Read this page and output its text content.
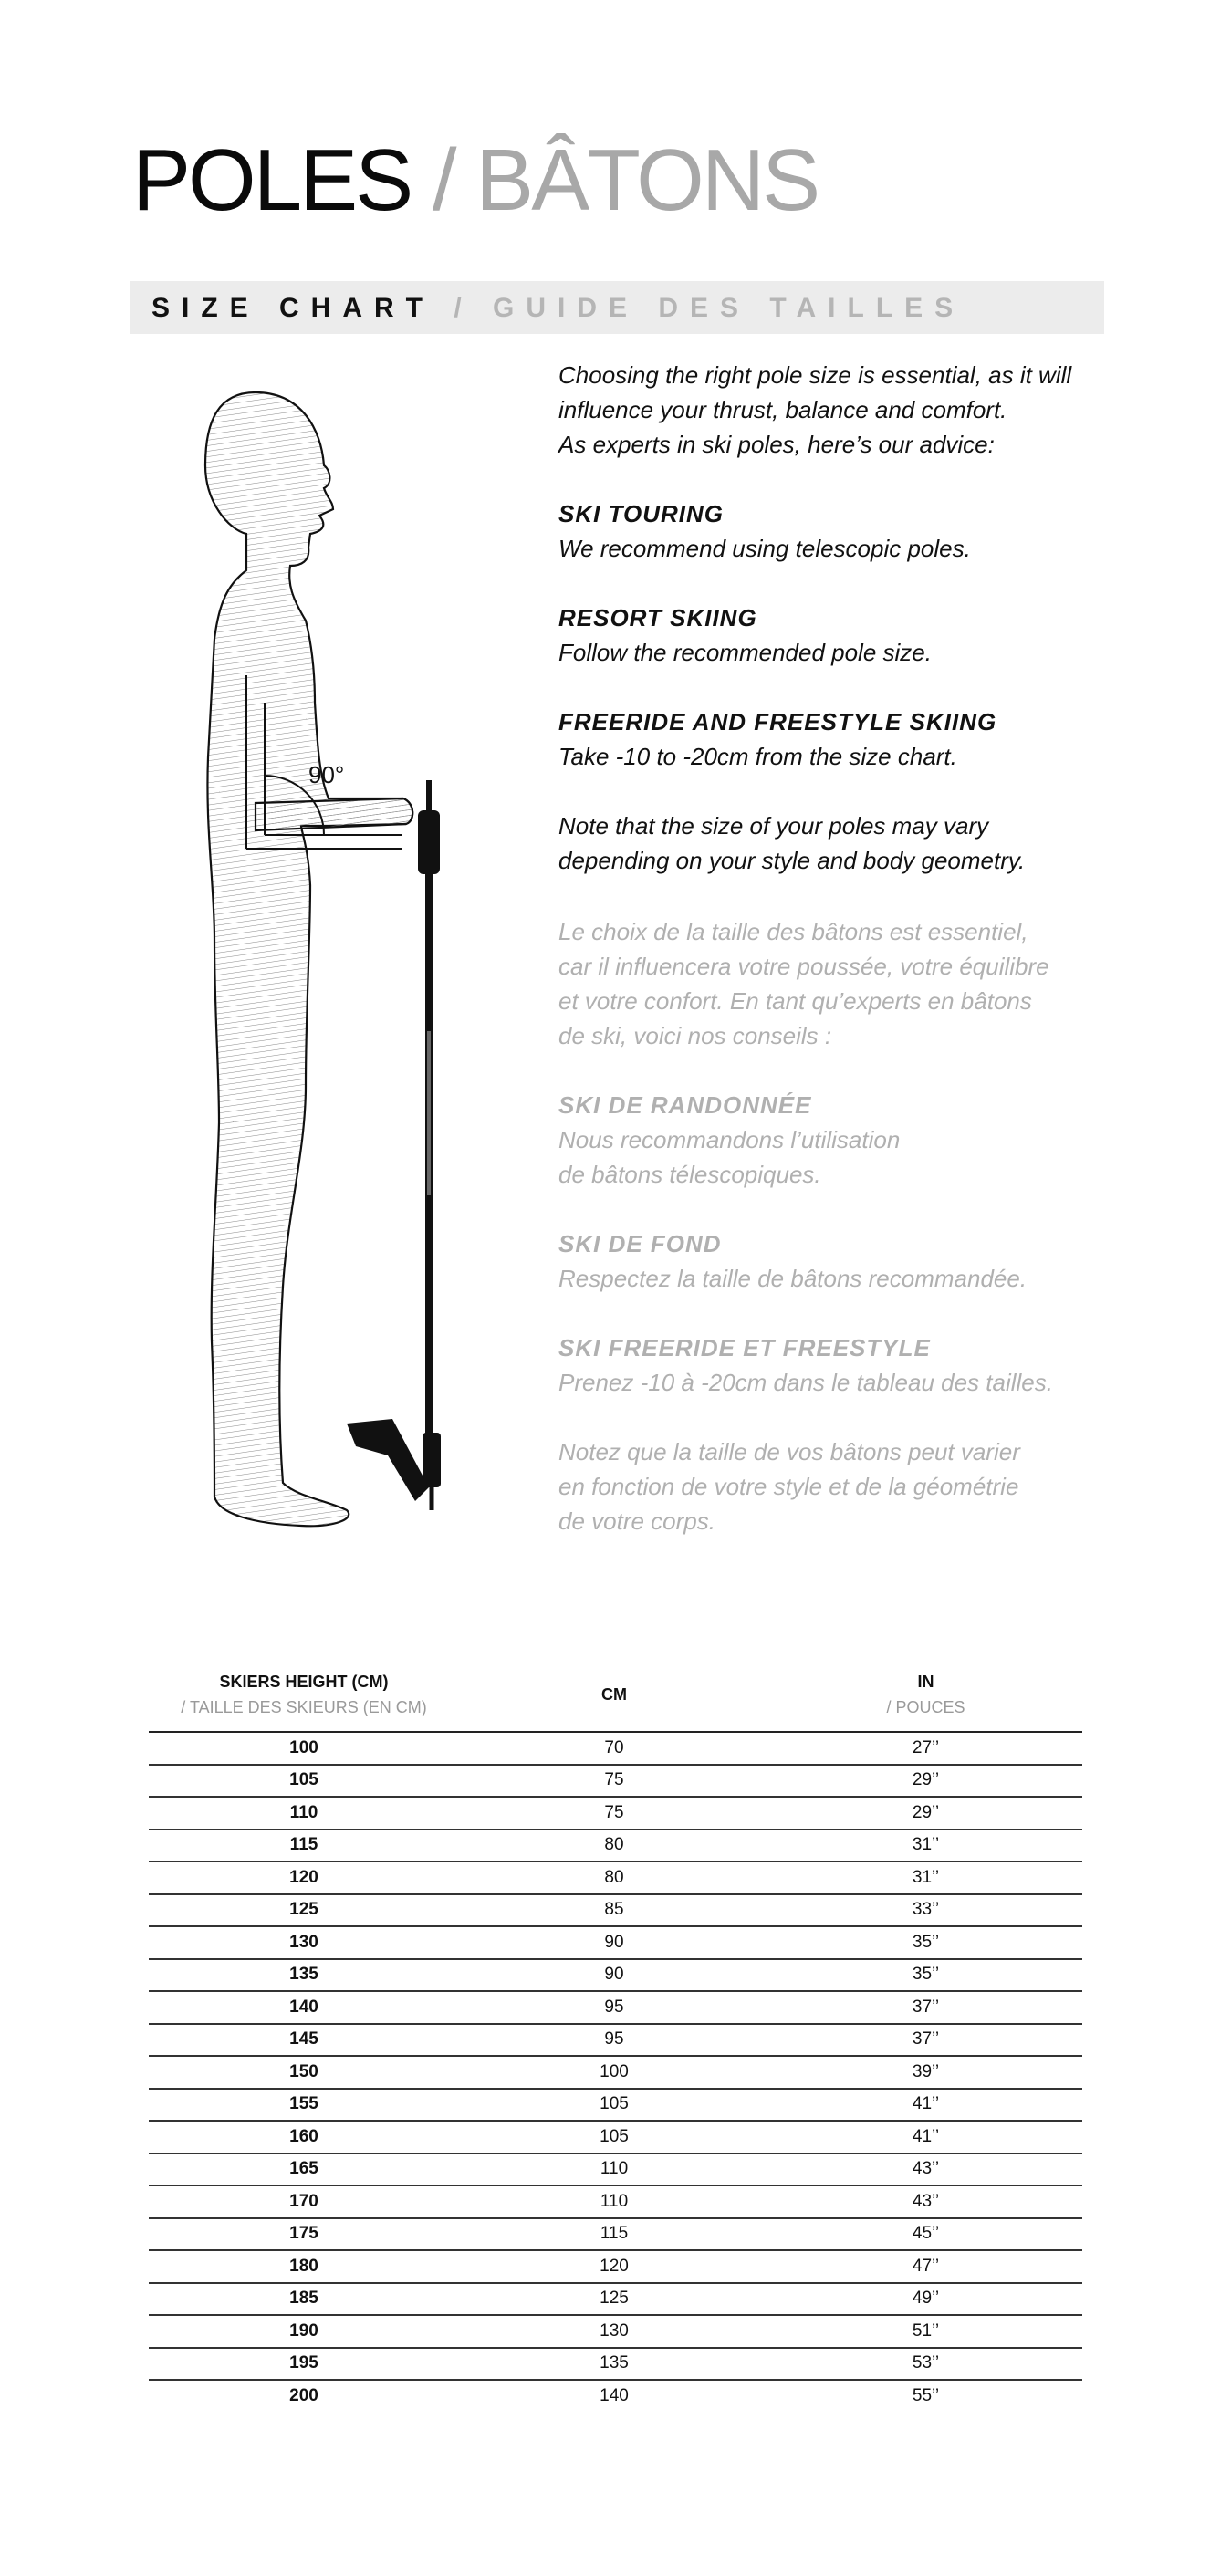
POLES / BÂTONS
SIZE CHART / GUIDE DES TAILLES
90°

Choosing the right pole size is essential, as it will
influence your thrust, balance and comfort.
As experts in ski poles, here’s our advice:

SKI TOURING
We recommend using telescopic poles.

RESORT SKIING
Follow the recommended pole size.

FREERIDE AND FREESTYLE SKIING
Take -10 to -20cm from the size chart.

Note that the size of your poles may vary
depending on your style and body geometry.

Le choix de la taille des bâtons est essentiel,
car il influencera votre poussée, votre équilibre
et votre confort. En tant qu’experts en bâtons
de ski, voici nos conseils :

SKI DE RANDONNÉE
Nous recommandons l’utilisation
de bâtons télescopiques.

SKI DE FOND
Respectez la taille de bâtons recommandée.

SKI FREERIDE ET FREESTYLE
Prenez -10 à -20cm dans le tableau des tailles.

Notez que la taille de vos bâtons peut varier
en fonction de votre style et de la géométrie
de votre corps.

SKIERS HEIGHT (CM)
/ TAILLE DES SKIEURS (EN CM)
CM
IN
/ POUCES
100	70	27’’
105	75	29’’
110	75	29’’
115	80	31’’
120	80	31’’
125	85	33’’
130	90	35’’
135	90	35’’
140	95	37’’
145	95	37’’
150	100	39’’
155	105	41’’
160	105	41’’
165	110	43’’
170	110	43’’
175	115	45’’
180	120	47’’
185	125	49’’
190	130	51’’
195	135	53’’
200	140	55’’
